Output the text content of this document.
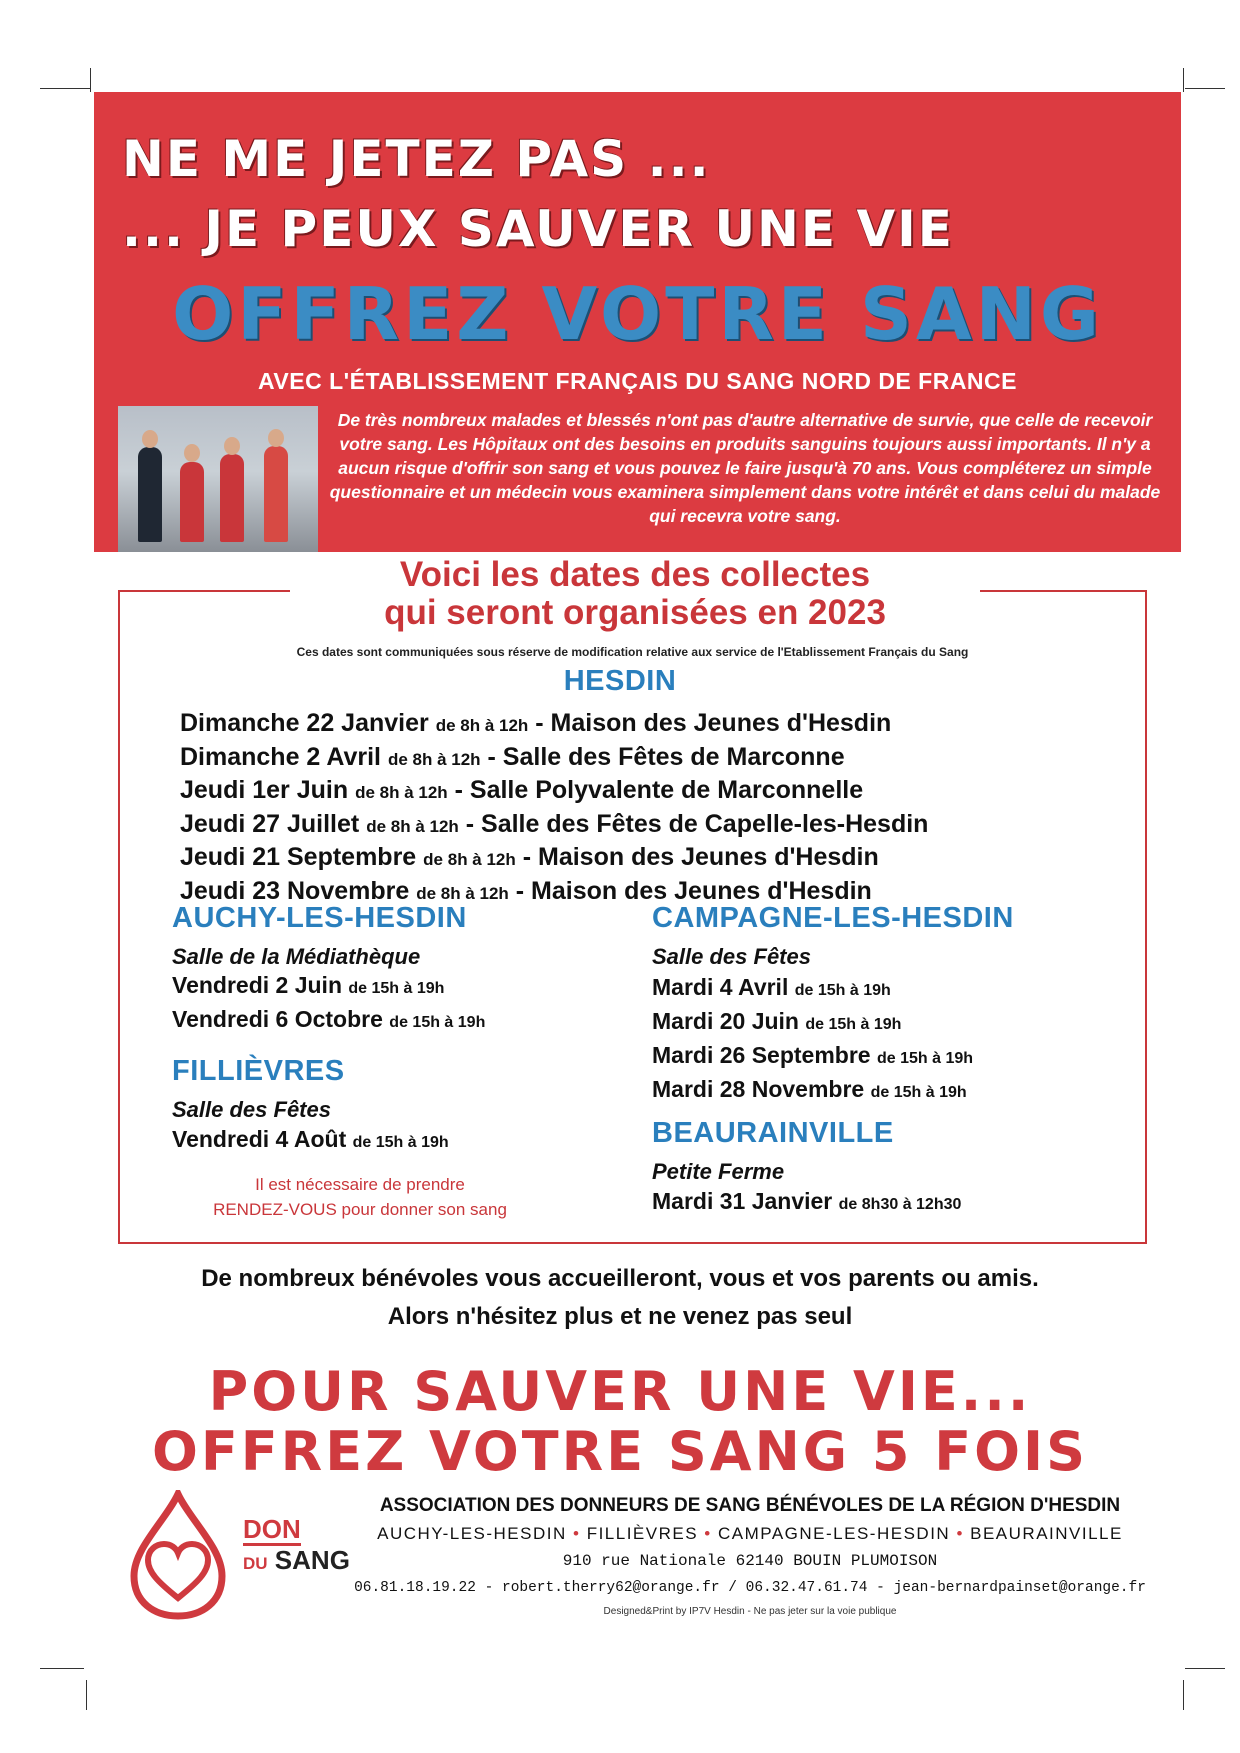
NE ME JETEZ PAS ...
... JE PEUX SAUVER UNE VIE
OFFREZ VOTRE SANG
AVEC L'ÉTABLISSEMENT FRANÇAIS DU SANG NORD DE FRANCE
De très nombreux malades et blessés n'ont pas d'autre alternative de survie, que celle de recevoir votre sang. Les Hôpitaux ont des besoins en produits sanguins toujours aussi importants. Il n'y a aucun risque d'offrir son sang et vous pouvez le faire jusqu'à 70 ans. Vous compléterez un simple questionnaire et un médecin vous examinera simplement dans votre intérêt et dans celui du malade qui recevra votre sang.
Voici les dates des collectes
qui seront organisées en 2023
Ces dates sont communiquées sous réserve de modification relative aux service de l'Etablissement Français du Sang
HESDIN
Dimanche 22 Janvier de 8h à 12h - Maison des Jeunes d'Hesdin
Dimanche 2 Avril de 8h à 12h - Salle des Fêtes de Marconne
Jeudi 1er Juin de 8h à 12h - Salle Polyvalente de Marconnelle
Jeudi 27 Juillet de 8h à 12h - Salle des Fêtes de Capelle-les-Hesdin
Jeudi 21 Septembre de 8h à 12h - Maison des Jeunes d'Hesdin
Jeudi 23 Novembre de 8h à 12h - Maison des Jeunes d'Hesdin
AUCHY-LES-HESDIN
Salle de la Médiathèque
Vendredi 2 Juin de 15h à 19h
Vendredi 6 Octobre de 15h à 19h
FILLIÈVRES
Salle des Fêtes
Vendredi 4 Août de 15h à 19h
Il est nécessaire de prendre
RENDEZ-VOUS pour donner son sang
CAMPAGNE-LES-HESDIN
Salle des Fêtes
Mardi 4 Avril de 15h à 19h
Mardi 20 Juin de 15h à 19h
Mardi 26 Septembre de 15h à 19h
Mardi 28 Novembre de 15h à 19h
BEAURAINVILLE
Petite Ferme
Mardi 31 Janvier de 8h30 à 12h30
De nombreux bénévoles vous accueilleront, vous et vos parents ou amis.
Alors n'hésitez plus et ne venez pas seul
POUR SAUVER UNE VIE...
OFFREZ VOTRE SANG 5 FOIS
DON
DU SANG
ASSOCIATION DES DONNEURS DE SANG BÉNÉVOLES DE LA RÉGION D'HESDIN
AUCHY-LES-HESDIN • FILLIÈVRES • CAMPAGNE-LES-HESDIN • BEAURAINVILLE
910 rue Nationale 62140 BOUIN PLUMOISON
06.81.18.19.22 - robert.therry62@orange.fr / 06.32.47.61.74 - jean-bernardpainset@orange.fr
Designed&Print by IP7V Hesdin - Ne pas jeter sur la voie publique
